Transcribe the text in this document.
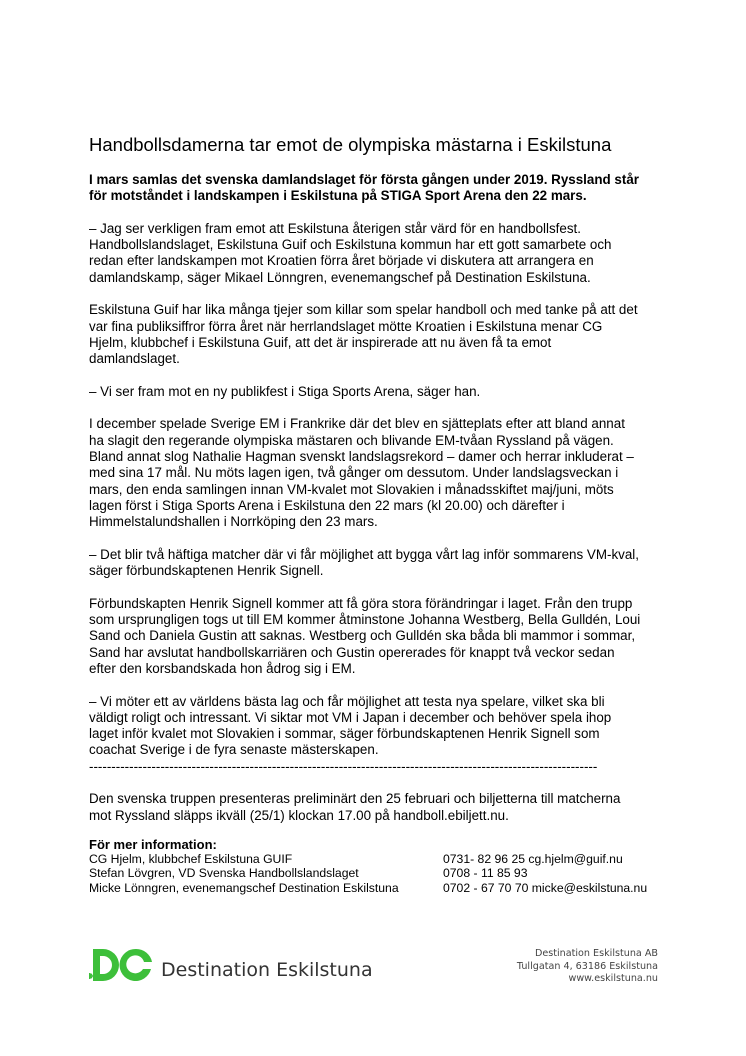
Handbollsdamerna tar emot de olympiska mästarna i Eskilstuna

I mars samlas det svenska damlandslaget för första gången under 2019. Ryssland står
för motståndet i landskampen i Eskilstuna på STIGA Sport Arena den 22 mars.

– Jag ser verkligen fram emot att Eskilstuna återigen står värd för en handbollsfest.
Handbollslandslaget, Eskilstuna Guif och Eskilstuna kommun har ett gott samarbete och
redan efter landskampen mot Kroatien förra året började vi diskutera att arrangera en
damlandskamp, säger Mikael Lönngren, evenemangschef på Destination Eskilstuna.

Eskilstuna Guif har lika många tjejer som killar som spelar handboll och med tanke på att det
var fina publiksiffror förra året när herrlandslaget mötte Kroatien i Eskilstuna menar CG
Hjelm, klubbchef i Eskilstuna Guif, att det är inspirerade att nu även få ta emot
damlandslaget.

– Vi ser fram mot en ny publikfest i Stiga Sports Arena, säger han.

I december spelade Sverige EM i Frankrike där det blev en sjätteplats efter att bland annat
ha slagit den regerande olympiska mästaren och blivande EM-tvåan Ryssland på vägen.
Bland annat slog Nathalie Hagman svenskt landslagsrekord – damer och herrar inkluderat –
med sina 17 mål. Nu möts lagen igen, två gånger om dessutom. Under landslagsveckan i
mars, den enda samlingen innan VM-kvalet mot Slovakien i månadsskiftet maj/juni, möts
lagen först i Stiga Sports Arena i Eskilstuna den 22 mars (kl 20.00) och därefter i
Himmelstalundshallen i Norrköping den 23 mars.

– Det blir två häftiga matcher där vi får möjlighet att bygga vårt lag inför sommarens VM-kval,
säger förbundskaptenen Henrik Signell.

Förbundskapten Henrik Signell kommer att få göra stora förändringar i laget. Från den trupp
som ursprungligen togs ut till EM kommer åtminstone Johanna Westberg, Bella Gulldén, Loui
Sand och Daniela Gustin att saknas. Westberg och Gulldén ska båda bli mammor i sommar,
Sand har avslutat handbollskarriären och Gustin opererades för knappt två veckor sedan
efter den korsbandskada hon ådrog sig i EM.

– Vi möter ett av världens bästa lag och får möjlighet att testa nya spelare, vilket ska bli
väldigt roligt och intressant. Vi siktar mot VM i Japan i december och behöver spela ihop
laget inför kvalet mot Slovakien i sommar, säger förbundskaptenen Henrik Signell som
coachat Sverige i de fyra senaste mästerskapen.

------------------------------------------------------------------------------------------------------------------

Den svenska truppen presenteras preliminärt den 25 februari och biljetterna till matcherna
mot Ryssland släpps ikväll (25/1) klockan 17.00 på handboll.ebiljett.nu.

För mer information:
CG Hjelm, klubbchef Eskilstuna GUIF	0731- 82 96 25 cg.hjelm@guif.nu
Stefan Lövgren, VD Svenska Handbollslandslaget	0708 - 11 85 93
Micke Lönngren, evenemangschef Destination Eskilstuna	0702 - 67 70 70 micke@eskilstuna.nu
Destination Eskilstuna
Destination Eskilstuna AB
Tullgatan 4, 63186 Eskilstuna
www.eskilstuna.nu
